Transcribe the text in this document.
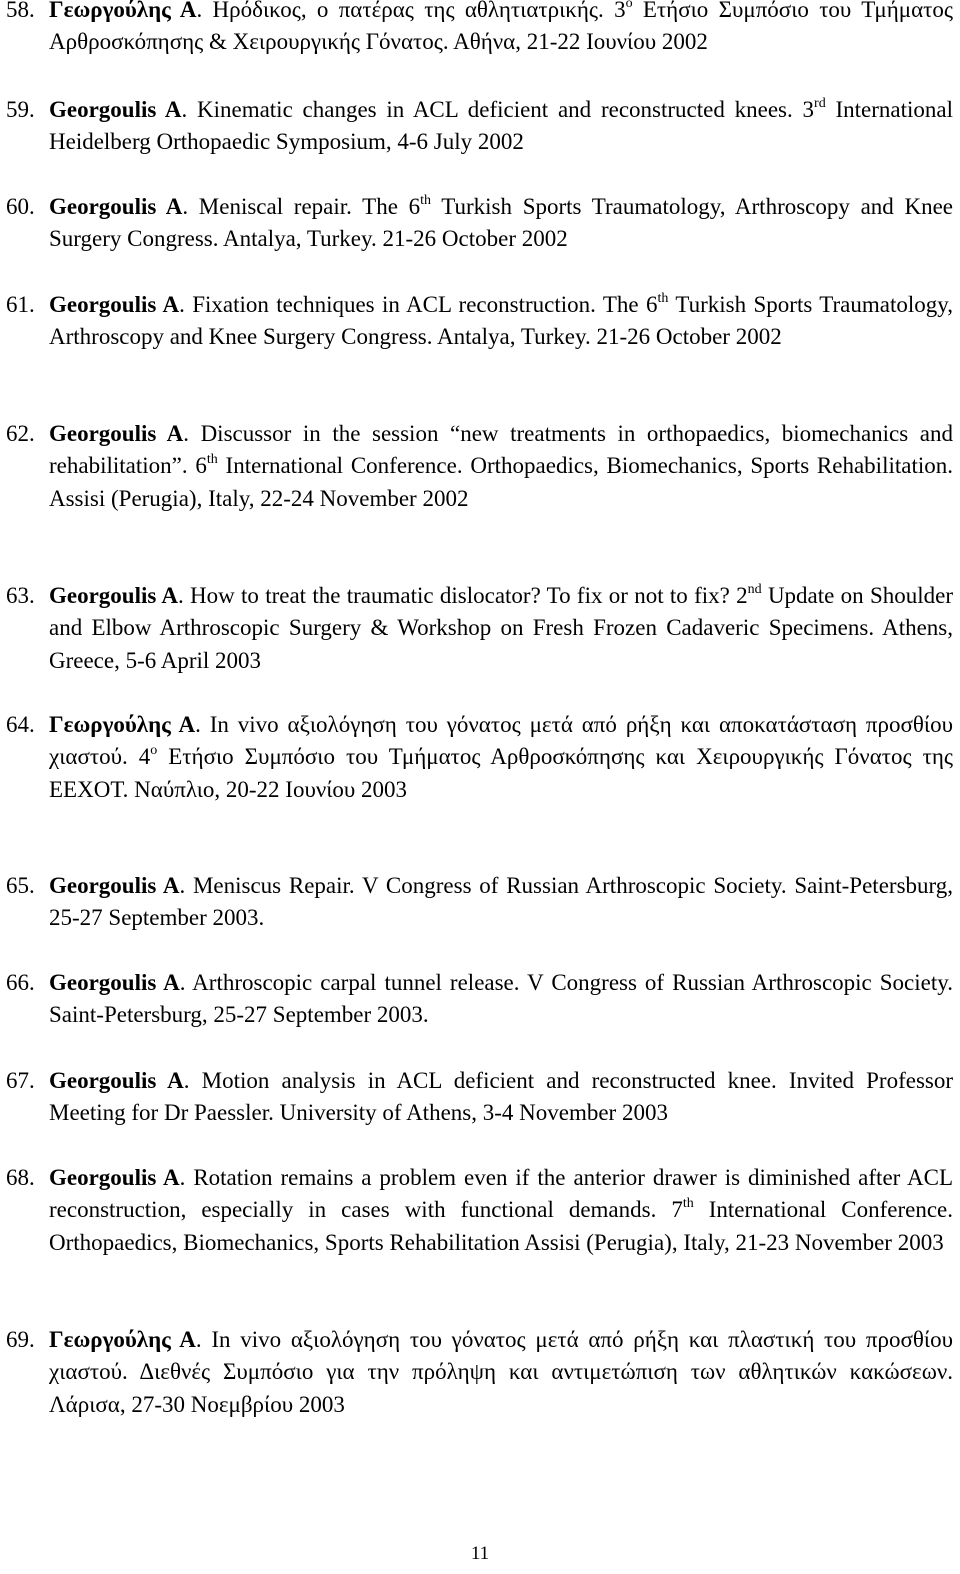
58. Γεωργούλης Α. Ηρόδικος, ο πατέρας της αθλητιατρικής. $3^o$ Ετήσιο Συμπόσιο του Τμήματος Αρθροσκόπησης & Χειρουργικής Γόνατος. Αθήνα, 21-22 Ιουνίου 2002
59. Georgoulis A. Kinematic changes in ACL deficient and reconstructed knees. 3rd International Heidelberg Orthopaedic Symposium, 4-6 July 2002
60. Georgoulis A. Meniscal repair. The 6th Turkish Sports Traumatology, Arthroscopy and Knee Surgery Congress. Antalya, Turkey. 21-26 October 2002
61. Georgoulis A. Fixation techniques in ACL reconstruction. The 6th Turkish Sports Traumatology, Arthroscopy and Knee Surgery Congress. Antalya, Turkey. 21-26 October 2002
62. Georgoulis A. Discussor in the session “new treatments in orthopaedics, biomechanics and rehabilitation”. 6th International Conference. Orthopaedics, Biomechanics, Sports Rehabilitation. Assisi (Perugia), Italy, 22-24 November 2002
63. Georgoulis A. How to treat the traumatic dislocator? To fix or not to fix? 2nd Update on Shoulder and Elbow Arthroscopic Surgery & Workshop on Fresh Frozen Cadaveric Specimens. Athens, Greece, 5-6 April 2003
64. Γεωργούλης Α. In vivo αξιολόγηση του γόνατος μετά από ρήξη και αποκατάσταση προσθίου χιαστού. $4^o$ Ετήσιο Συμπόσιο του Τμήματος Αρθροσκόπησης και Χειρουργικής Γόνατος της ΕΕΧΟΤ. Ναύπλιο, 20-22 Ιουνίου 2003
65. Georgoulis A. Meniscus Repair. V Congress of Russian Arthroscopic Society. Saint-Petersburg, 25-27 September 2003.
66. Georgoulis A. Arthroscopic carpal tunnel release. V Congress of Russian Arthroscopic Society. Saint-Petersburg, 25-27 September 2003.
67. Georgoulis A. Motion analysis in ACL deficient and reconstructed knee. Invited Professor Meeting for Dr Paessler. University of Athens, 3-4 November 2003
68. Georgoulis A. Rotation remains a problem even if the anterior drawer is diminished after ACL reconstruction, especially in cases with functional demands. 7th International Conference. Orthopaedics, Biomechanics, Sports Rehabilitation Assisi (Perugia), Italy, 21-23 November 2003
69. Γεωργούλης Α. In vivo αξιολόγηση του γόνατος μετά από ρήξη και πλαστική του προσθίου χιαστού. Διεθνές Συμπόσιο για την πρόληψη και αντιμετώπιση των αθλητικών κακώσεων. Λάρισα, 27-30 Νοεμβρίου 2003
11
